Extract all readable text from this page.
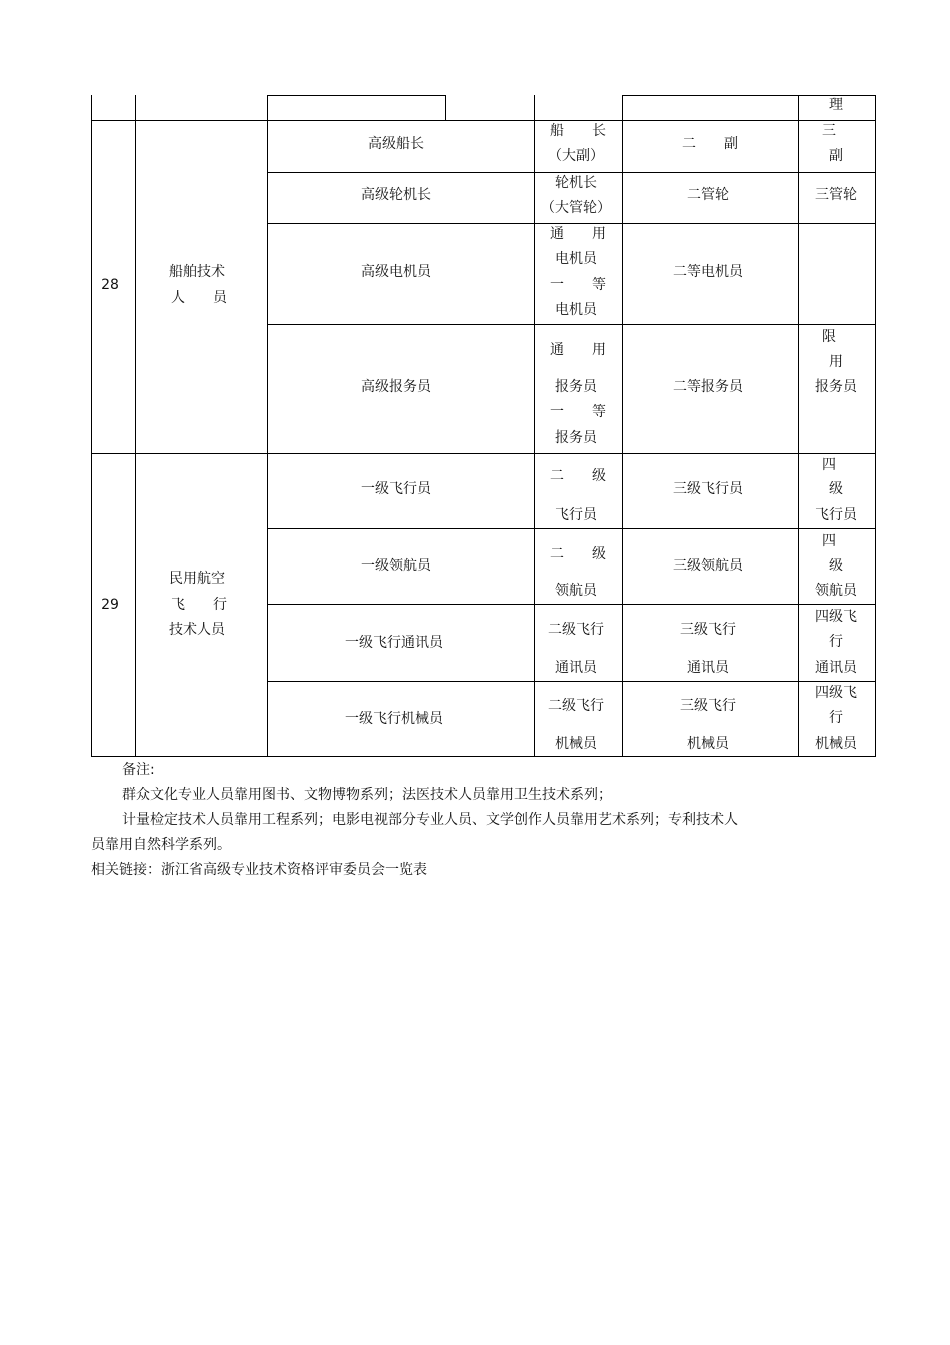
理
28
船舶技术
人　　员
高级船长
船　　长
（大副）
二　　副
三
副
高级轮机长
轮机长
（大管轮）
二管轮	三管轮
高级电机员
通　　用
电机员
一　　等
电机员
二等电机员
高级报务员
通　　用
报务员
一　　等
报务员
二等报务员
限
用
报务员
29
民用航空
飞　　行
技术人员
一级飞行员
二　　级
飞行员
三级飞行员
四
级
飞行员
一级领航员
二　　级
领航员
三级领航员
四
级
领航员
一级飞行通讯员
二级飞行
通讯员
三级飞行
通讯员
四级飞
行
通讯员
一级飞行机械员
二级飞行
机械员
三级飞行
机械员
四级飞
行
机械员
备注:
群众文化专业人员靠用图书、文物博物系列；法医技术人员靠用卫生技术系列；
计量检定技术人员靠用工程系列；电影电视部分专业人员、文学创作人员靠用艺术系列；专利技术人
员靠用自然科学系列。
相关链接：浙江省高级专业技术资格评审委员会一览表
